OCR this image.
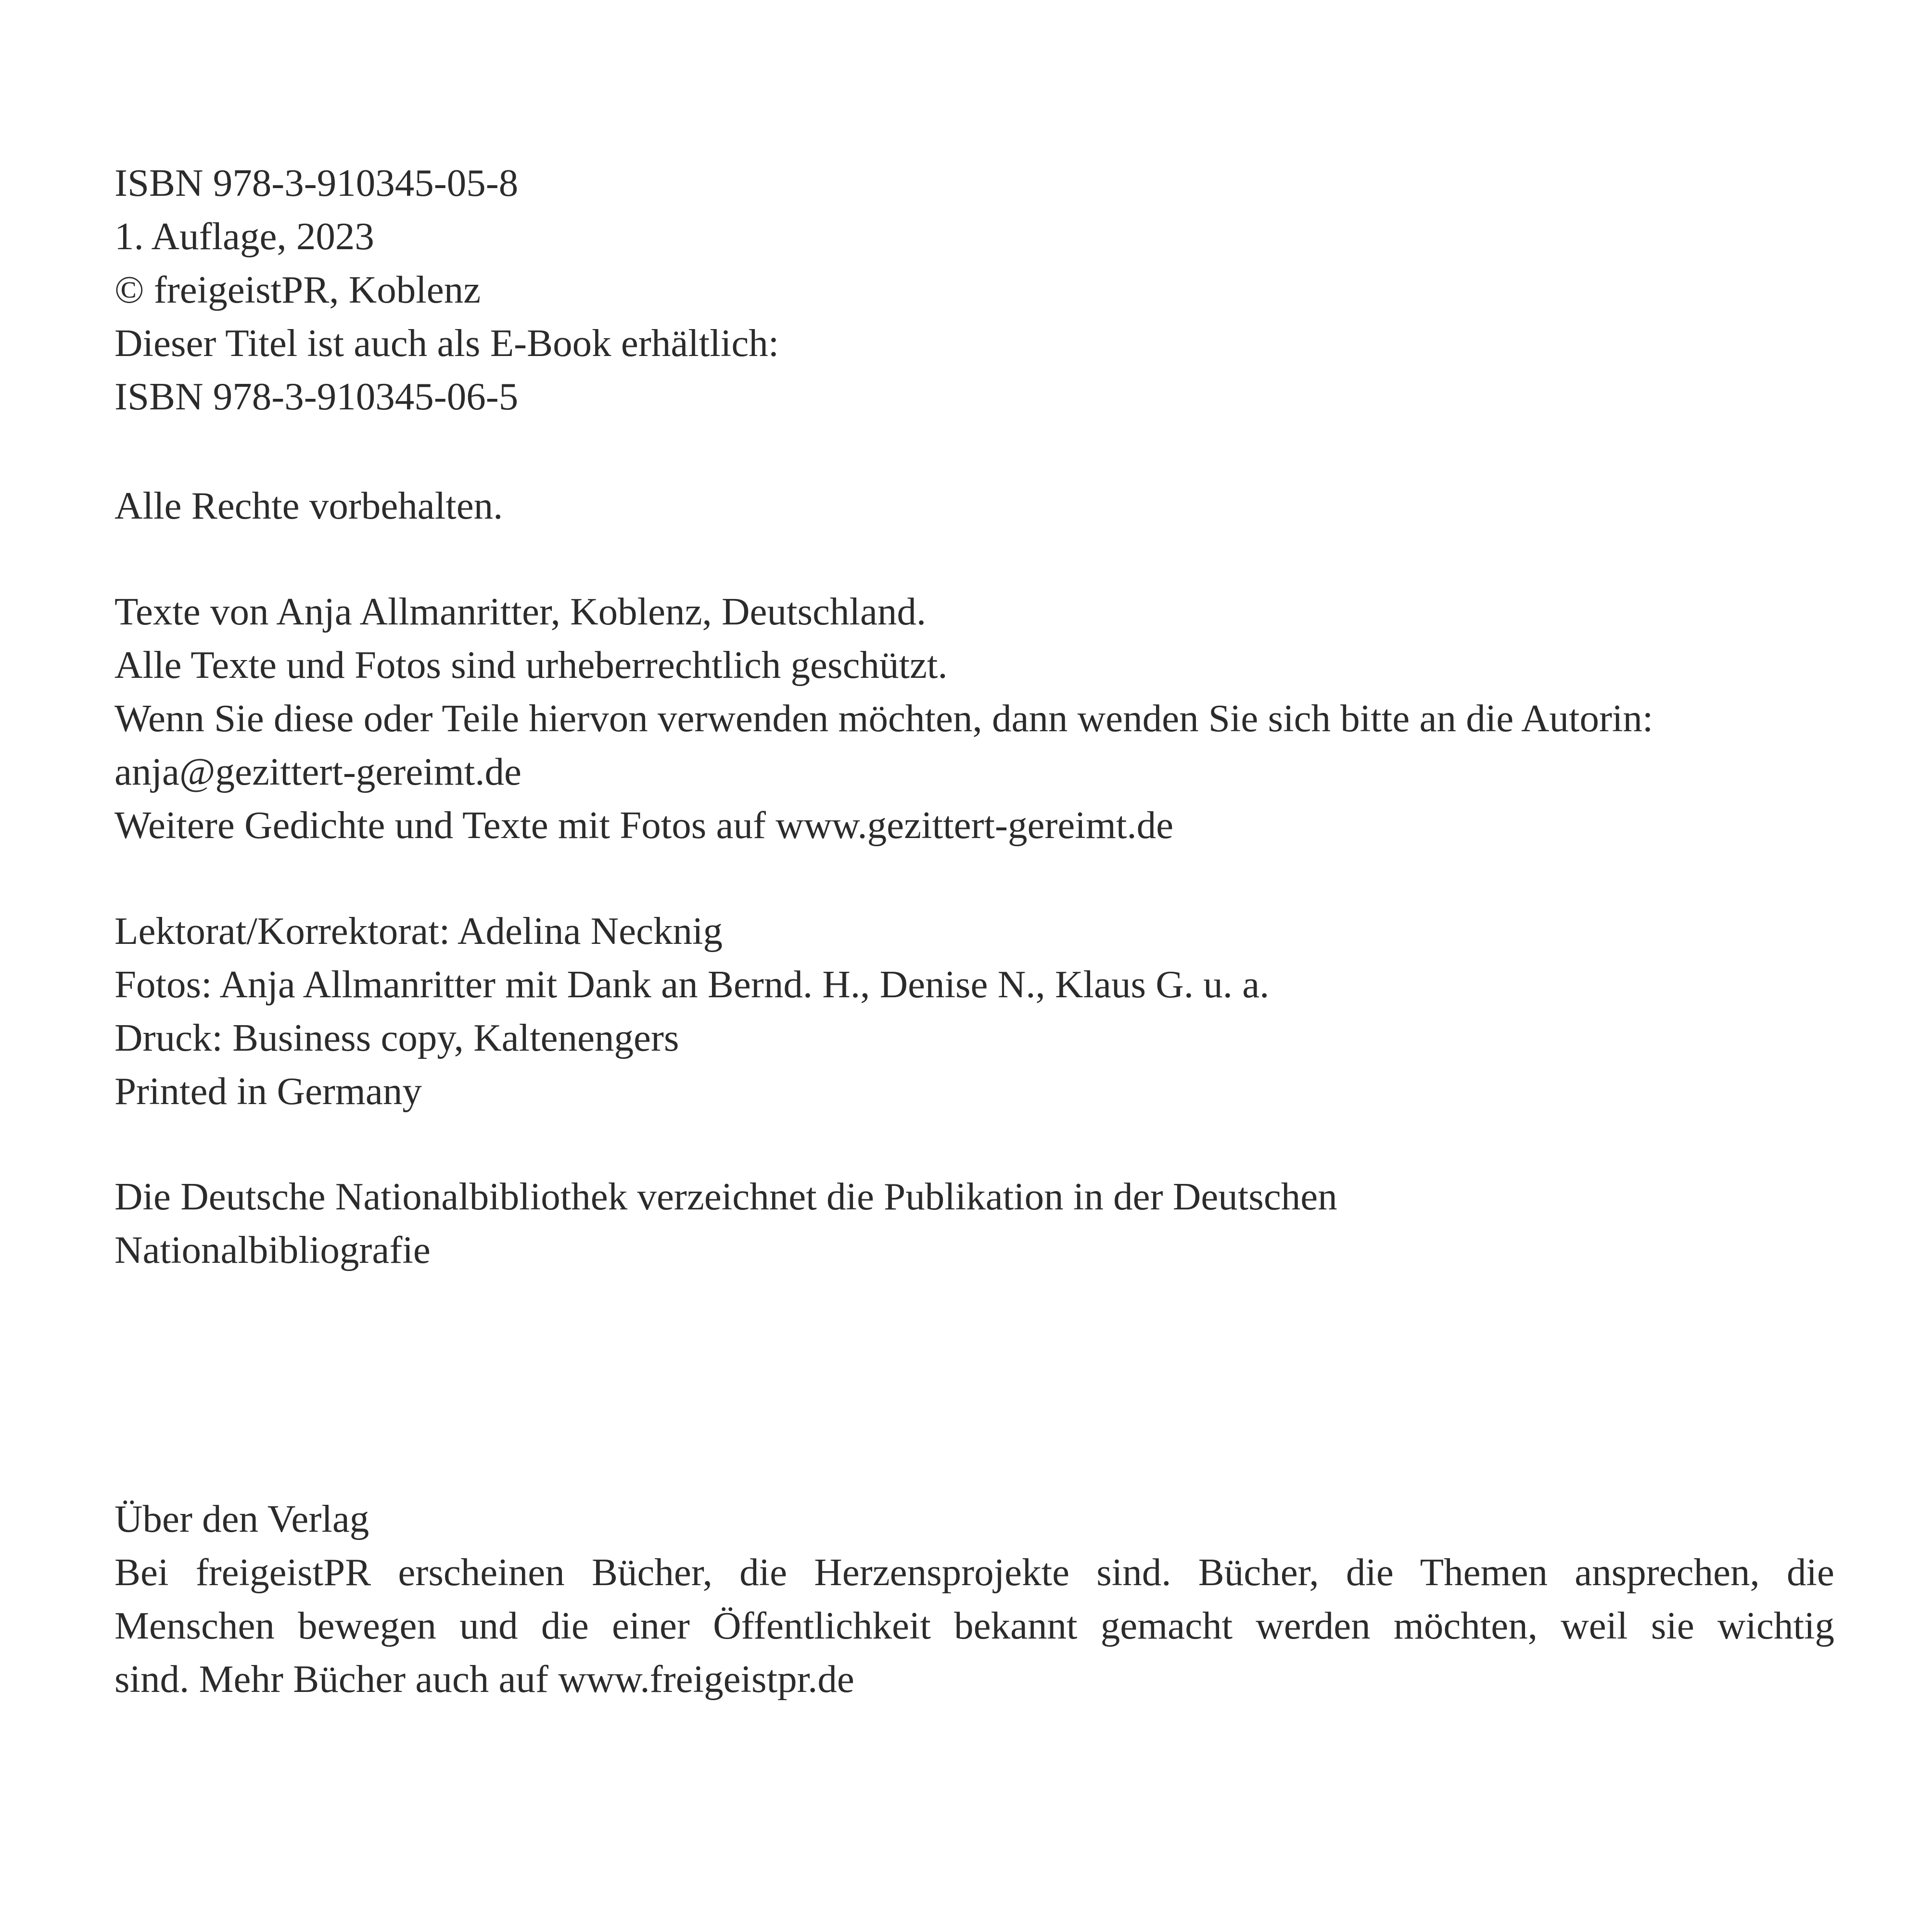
ISBN 978-3-910345-05-8
1. Auflage, 2023
© freigeistPR, Koblenz
Dieser Titel ist auch als E-Book erhältlich:
ISBN 978-3-910345-06-5
Alle Rechte vorbehalten.
Texte von Anja Allmanritter, Koblenz, Deutschland.
Alle Texte und Fotos sind urheberrechtlich geschützt.
Wenn Sie diese oder Teile hiervon verwenden möchten, dann wenden Sie sich bitte an die Autorin:
anja@gezittert-gereimt.de
Weitere Gedichte und Texte mit Fotos auf www.gezittert-gereimt.de
Lektorat/Korrektorat: Adelina Necknig
Fotos: Anja Allmanritter mit Dank an Bernd. H., Denise N., Klaus G. u. a.
Druck: Business copy, Kaltenengers
Printed in Germany
Die Deutsche Nationalbibliothek verzeichnet die Publikation in der Deutschen
Nationalbibliografie
Über den Verlag
Bei freigeistPR erscheinen Bücher, die Herzensprojekte sind. Bücher, die Themen ansprechen, die
Menschen bewegen und die einer Öffentlichkeit bekannt gemacht werden möchten, weil sie wichtig
sind. Mehr Bücher auch auf www.freigeistpr.de
